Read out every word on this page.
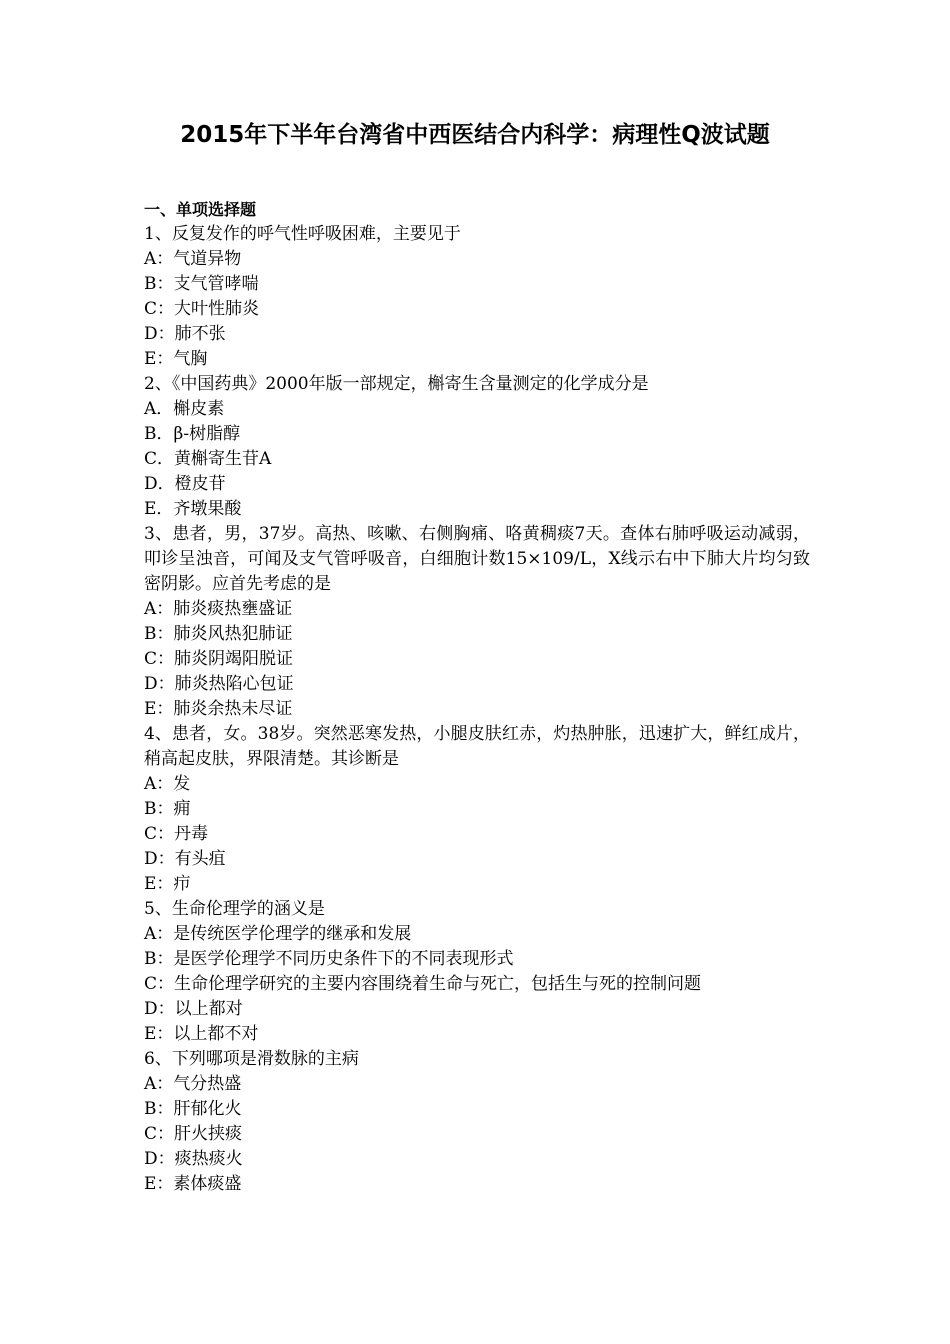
2015年下半年台湾省中西医结合内科学：病理性Q波试题
一、单项选择题
1、反复发作的呼气性呼吸困难，主要见于
A：气道异物
B：支气管哮喘
C：大叶性肺炎
D：肺不张
E：气胸
2、《中国药典》2000年版一部规定，槲寄生含量测定的化学成分是
A．槲皮素
B．β-树脂醇
C．黄槲寄生苷A
D．橙皮苷
E．齐墩果酸
3、患者，男，37岁。高热、咳嗽、右侧胸痛、咯黄稠痰7天。查体右肺呼吸运动减弱，叩诊呈浊音，可闻及支气管呼吸音，白细胞计数15×109/L，X线示右中下肺大片均匀致密阴影。应首先考虑的是
A：肺炎痰热壅盛证
B：肺炎风热犯肺证
C：肺炎阴竭阳脱证
D：肺炎热陷心包证
E：肺炎余热未尽证
4、患者，女。38岁。突然恶寒发热，小腿皮肤红赤，灼热肿胀，迅速扩大，鲜红成片，稍高起皮肤，界限清楚。其诊断是
A：发
B：痈
C：丹毒
D：有头疽
E：疖
5、生命伦理学的涵义是
A：是传统医学伦理学的继承和发展
B：是医学伦理学不同历史条件下的不同表现形式
C：生命伦理学研究的主要内容围绕着生命与死亡，包括生与死的控制问题
D：以上都对
E：以上都不对
6、下列哪项是滑数脉的主病
A：气分热盛
B：肝郁化火
C：肝火挟痰
D：痰热痰火
E：素体痰盛
